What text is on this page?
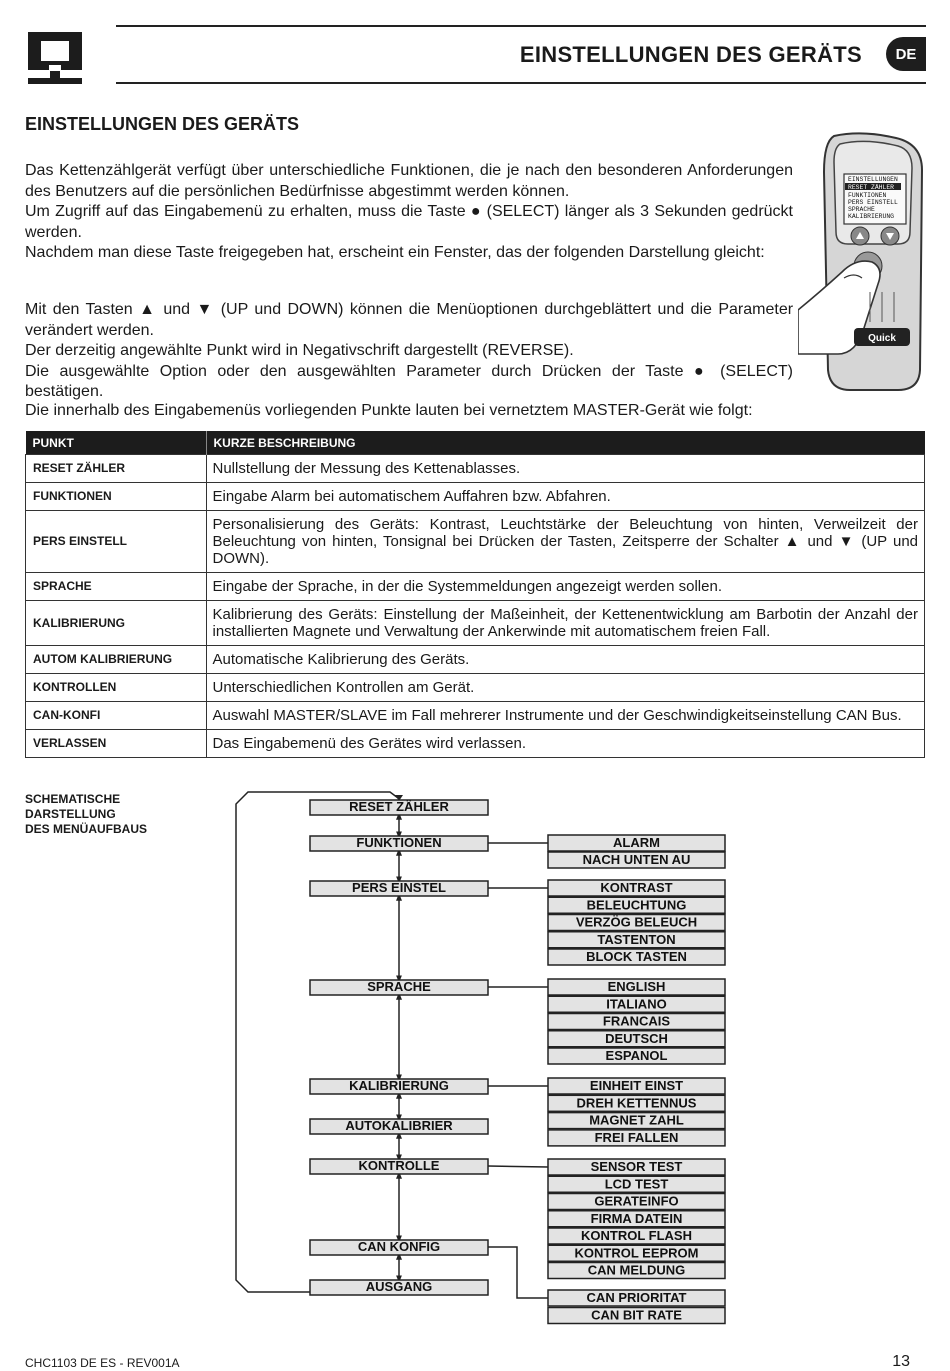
EINSTELLUNGEN DES GERÄTS	DE
EINSTELLUNGEN DES GERÄTS
Das Kettenzählgerät verfügt über unterschiedliche Funktionen, die je nach den besonderen Anforderungen des Benutzers auf die persönlichen Bedürfnisse abgestimmt werden können.
Um Zugriff auf das Eingabemenü zu erhalten, muss die Taste ● (SELECT) länger als 3 Sekunden gedrückt werden.
Nachdem man diese Taste freigegeben hat, erscheint ein Fenster, das der folgenden Darstellung gleicht:
Mit den Tasten ▲ und ▼ (UP und DOWN) können die Menüoptionen durchgeblättert und die Parameter verändert werden.
Der derzeitig angewählte Punkt wird in Negativschrift dargestellt (REVERSE).
Die ausgewählte Option oder den ausgewählten Parameter durch Drücken der Taste ● (SELECT) bestätigen.
Die innerhalb des Eingabemenüs vorliegenden Punkte lauten bei vernetztem MASTER-Gerät wie folgt:
EINSTELLUNGEN
RESET ZÄHLER
FUNKTIONEN
PERS EINSTELL
SPRACHE
KALIBRIERUNG
Quick
PUNKT	KURZE BESCHREIBUNG
RESET ZÄHLER	Nullstellung der Messung des Kettenablasses.
FUNKTIONEN	Eingabe Alarm bei automatischem Auffahren bzw. Abfahren.
PERS EINSTELL	Personalisierung des Geräts: Kontrast, Leuchtstärke der Beleuchtung von hinten, Verweilzeit der Beleuchtung von hinten, Tonsignal bei Drücken der Tasten, Zeitsperre der Schalter ▲ und ▼ (UP und DOWN).
SPRACHE	Eingabe der Sprache, in der die Systemmeldungen angezeigt werden sollen.
KALIBRIERUNG	Kalibrierung des Geräts: Einstellung der Maßeinheit, der Kettenentwicklung am Barbotin der Anzahl der installierten Magnete und Verwaltung der Ankerwinde mit automatischem freien Fall.
AUTOM KALIBRIERUNG	Automatische Kalibrierung des Geräts.
KONTROLLEN	Unterschiedlichen Kontrollen am Gerät.
CAN-KONFI	Auswahl MASTER/SLAVE im Fall mehrerer Instrumente und der Geschwindigkeitseinstellung CAN Bus.
VERLASSEN	Das Eingabemenü des Gerätes wird verlassen.
SCHEMATISCHE
DARSTELLUNG
DES MENÜAUFBAUS
RESET ZÄHLER
FUNKTIONEN
PERS EINSTEL
SPRACHE
KALIBRIERUNG
AUTOKALIBRIER
KONTROLLE
CAN KONFIG
AUSGANG
ALARM
NACH UNTEN AU
KONTRAST
BELEUCHTUNG
VERZÖG BELEUCH
TASTENTON
BLOCK TASTEN
ENGLISH
ITALIANO
FRANCAIS
DEUTSCH
ESPANOL
EINHEIT EINST
DREH KETTENNUS
MAGNET ZAHL
FREI FALLEN
SENSOR TEST
LCD TEST
GERATEINFO
FIRMA DATEIN
KONTROL FLASH
KONTROL EEPROM
CAN MELDUNG
CAN PRIORITAT
CAN BIT RATE
CHC1103 DE ES - REV001A	13
